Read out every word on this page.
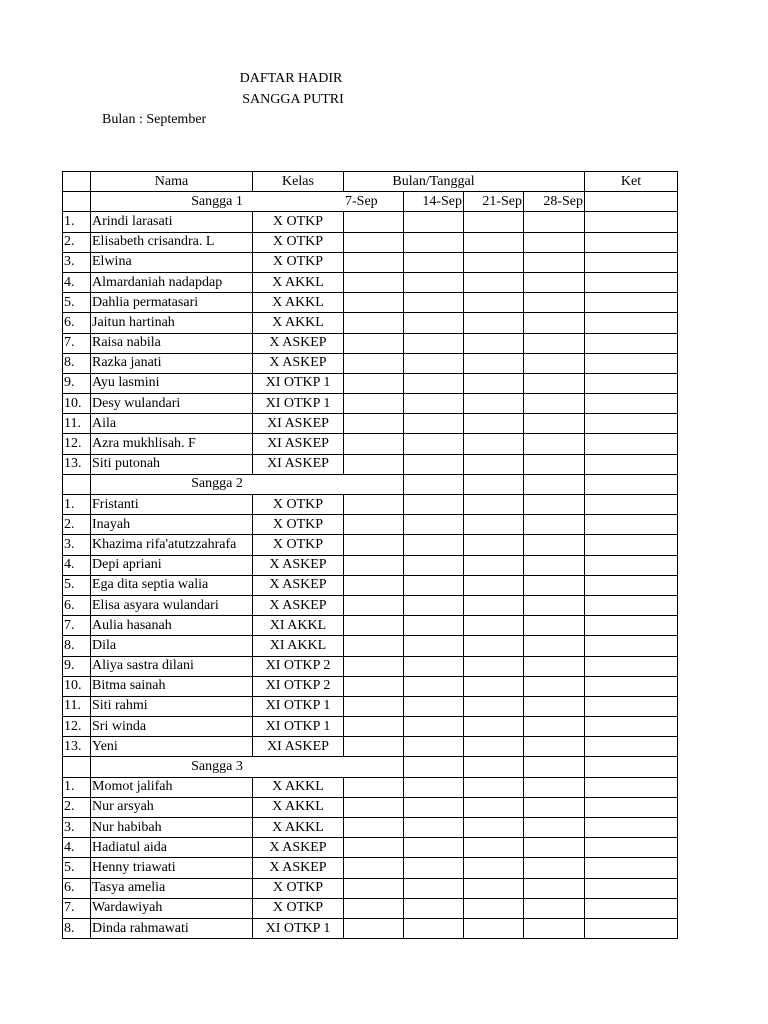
DAFTAR HADIR
SANGGA PUTRI
Bulan : September
	Nama	Kelas	Bulan/Tanggal				Ket
	Sangga 1		7-Sep	14-Sep	21-Sep	28-Sep	
1.	Arindi larasati	X OTKP					
2.	Elisabeth crisandra. L	X OTKP					
3.	Elwina	X OTKP					
4.	Almardaniah nadapdap	X AKKL					
5.	Dahlia permatasari	X AKKL					
6.	Jaitun hartinah	X AKKL					
7.	Raisa nabila	X ASKEP					
8.	Razka janati	X ASKEP					
9.	Ayu lasmini	XI OTKP 1					
10.	Desy wulandari	XI OTKP 1					
11.	Aila	XI ASKEP					
12.	Azra mukhlisah. F	XI ASKEP					
13.	Siti putonah	XI ASKEP					
	Sangga 2						
1.	Fristanti	X OTKP					
2.	Inayah	X OTKP					
3.	Khazima rifa'atutzzahrafa	X OTKP					
4.	Depi apriani	X ASKEP					
5.	Ega dita septia walia	X ASKEP					
6.	Elisa asyara wulandari	X ASKEP					
7.	Aulia hasanah	XI AKKL					
8.	Dila	XI AKKL					
9.	Aliya sastra dilani	XI OTKP 2					
10.	Bitma sainah	XI OTKP 2					
11.	Siti rahmi	XI OTKP 1					
12.	Sri winda	XI OTKP 1					
13.	Yeni	XI ASKEP					
	Sangga 3						
1.	Momot jalifah	X AKKL					
2.	Nur arsyah	X AKKL					
3.	Nur habibah	X AKKL					
4.	Hadiatul aida	X ASKEP					
5.	Henny triawati	X ASKEP					
6.	Tasya amelia	X OTKP					
7.	Wardawiyah	X OTKP					
8.	Dinda rahmawati	XI OTKP 1					
